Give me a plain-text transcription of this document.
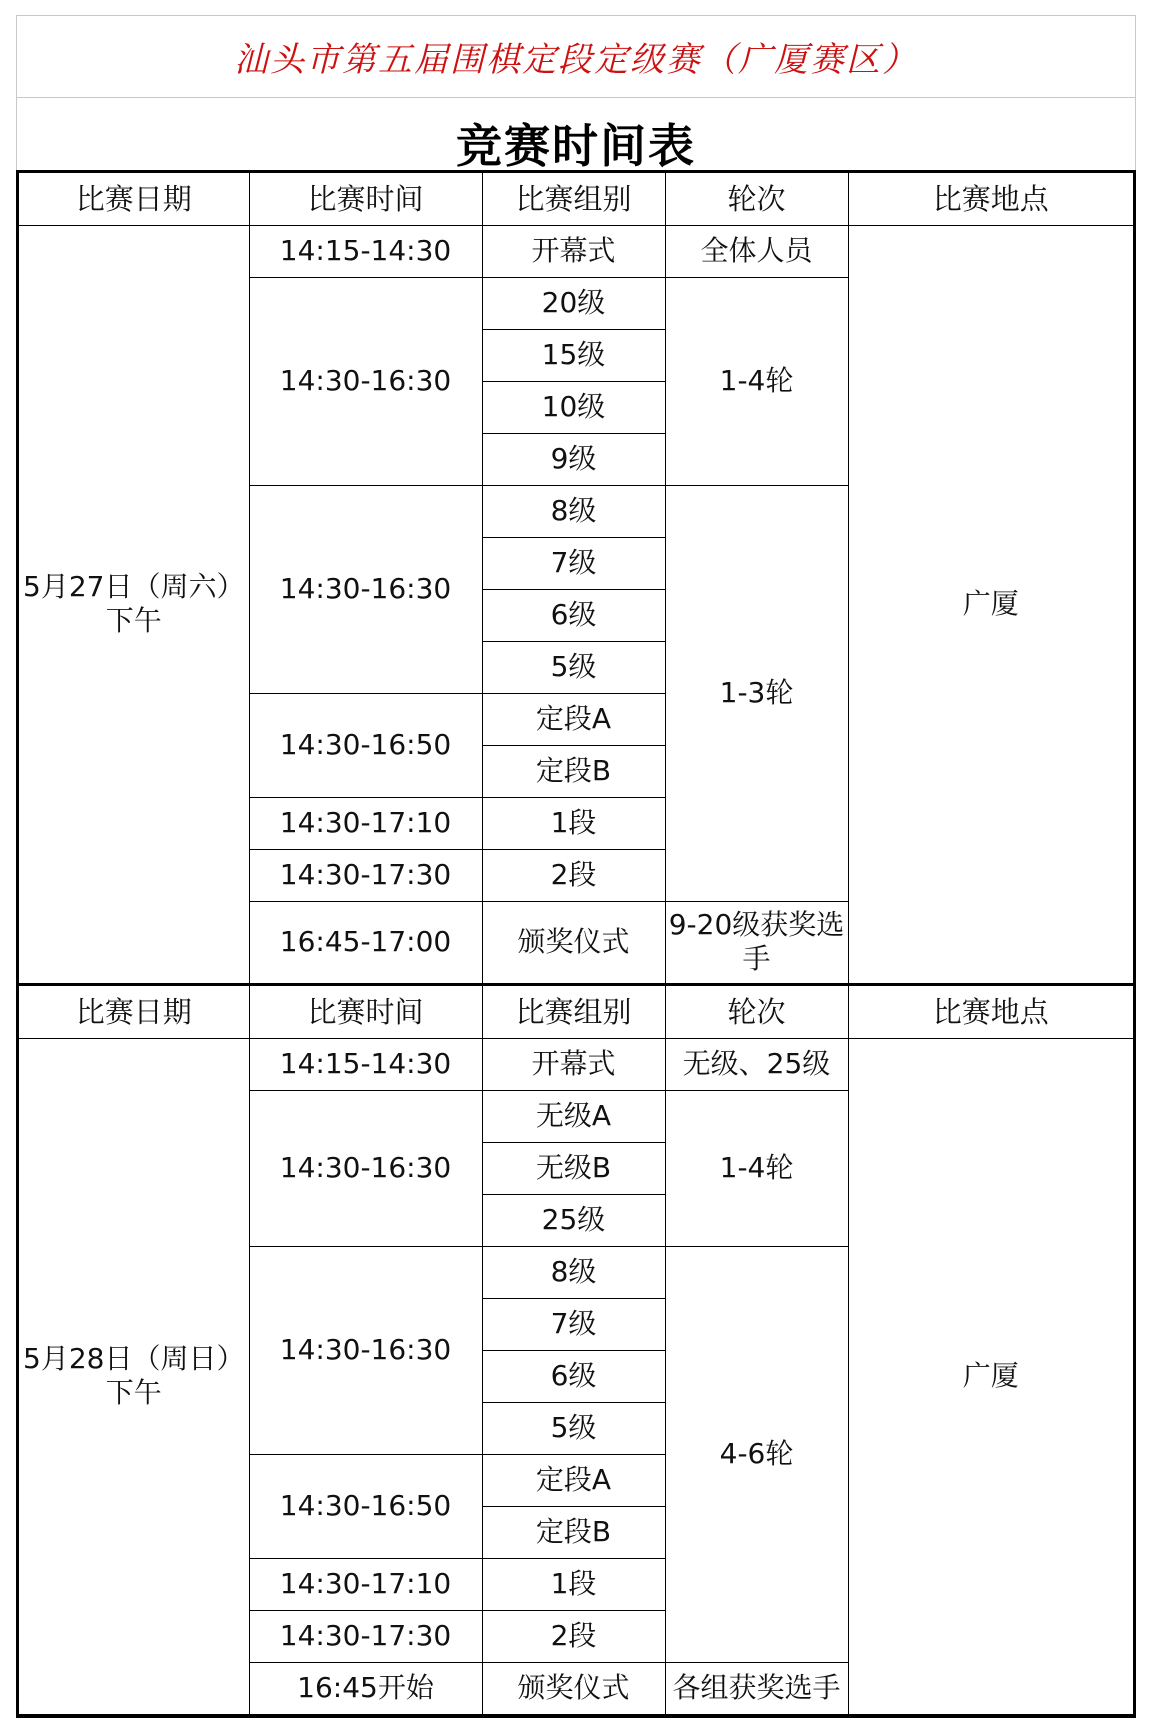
汕头市第五届围棋定段定级赛（广厦赛区）
竞赛时间表
比赛日期	比赛时间	比赛组别	轮次	比赛地点

5月27日（周六）
下午	14:15-14:30	开幕式	全体人员	广厦
	14:30-16:30	20级	1-4轮	
		15级		
		10级		
		9级		
	14:30-16:30	8级	1-3轮	
		7级		
		6级		
		5级		
	14:30-16:50	定段A		
		定段B		
	14:30-17:10	1段		
	14:30-17:30	2段		
	16:45-17:00	颁奖仪式	9-20级获奖选手	
比赛日期	比赛时间	比赛组别	轮次	比赛地点

5月28日（周日）
下午	14:15-14:30	开幕式	无级、25级	广厦
	14:30-16:30	无级A	1-4轮	
		无级B		
		25级		
	14:30-16:30	8级	4-6轮	
		7级		
		6级		
		5级		
	14:30-16:50	定段A		
		定段B		
	14:30-17:10	1段		
	14:30-17:30	2段		
	16:45开始	颁奖仪式	各组获奖选手	
